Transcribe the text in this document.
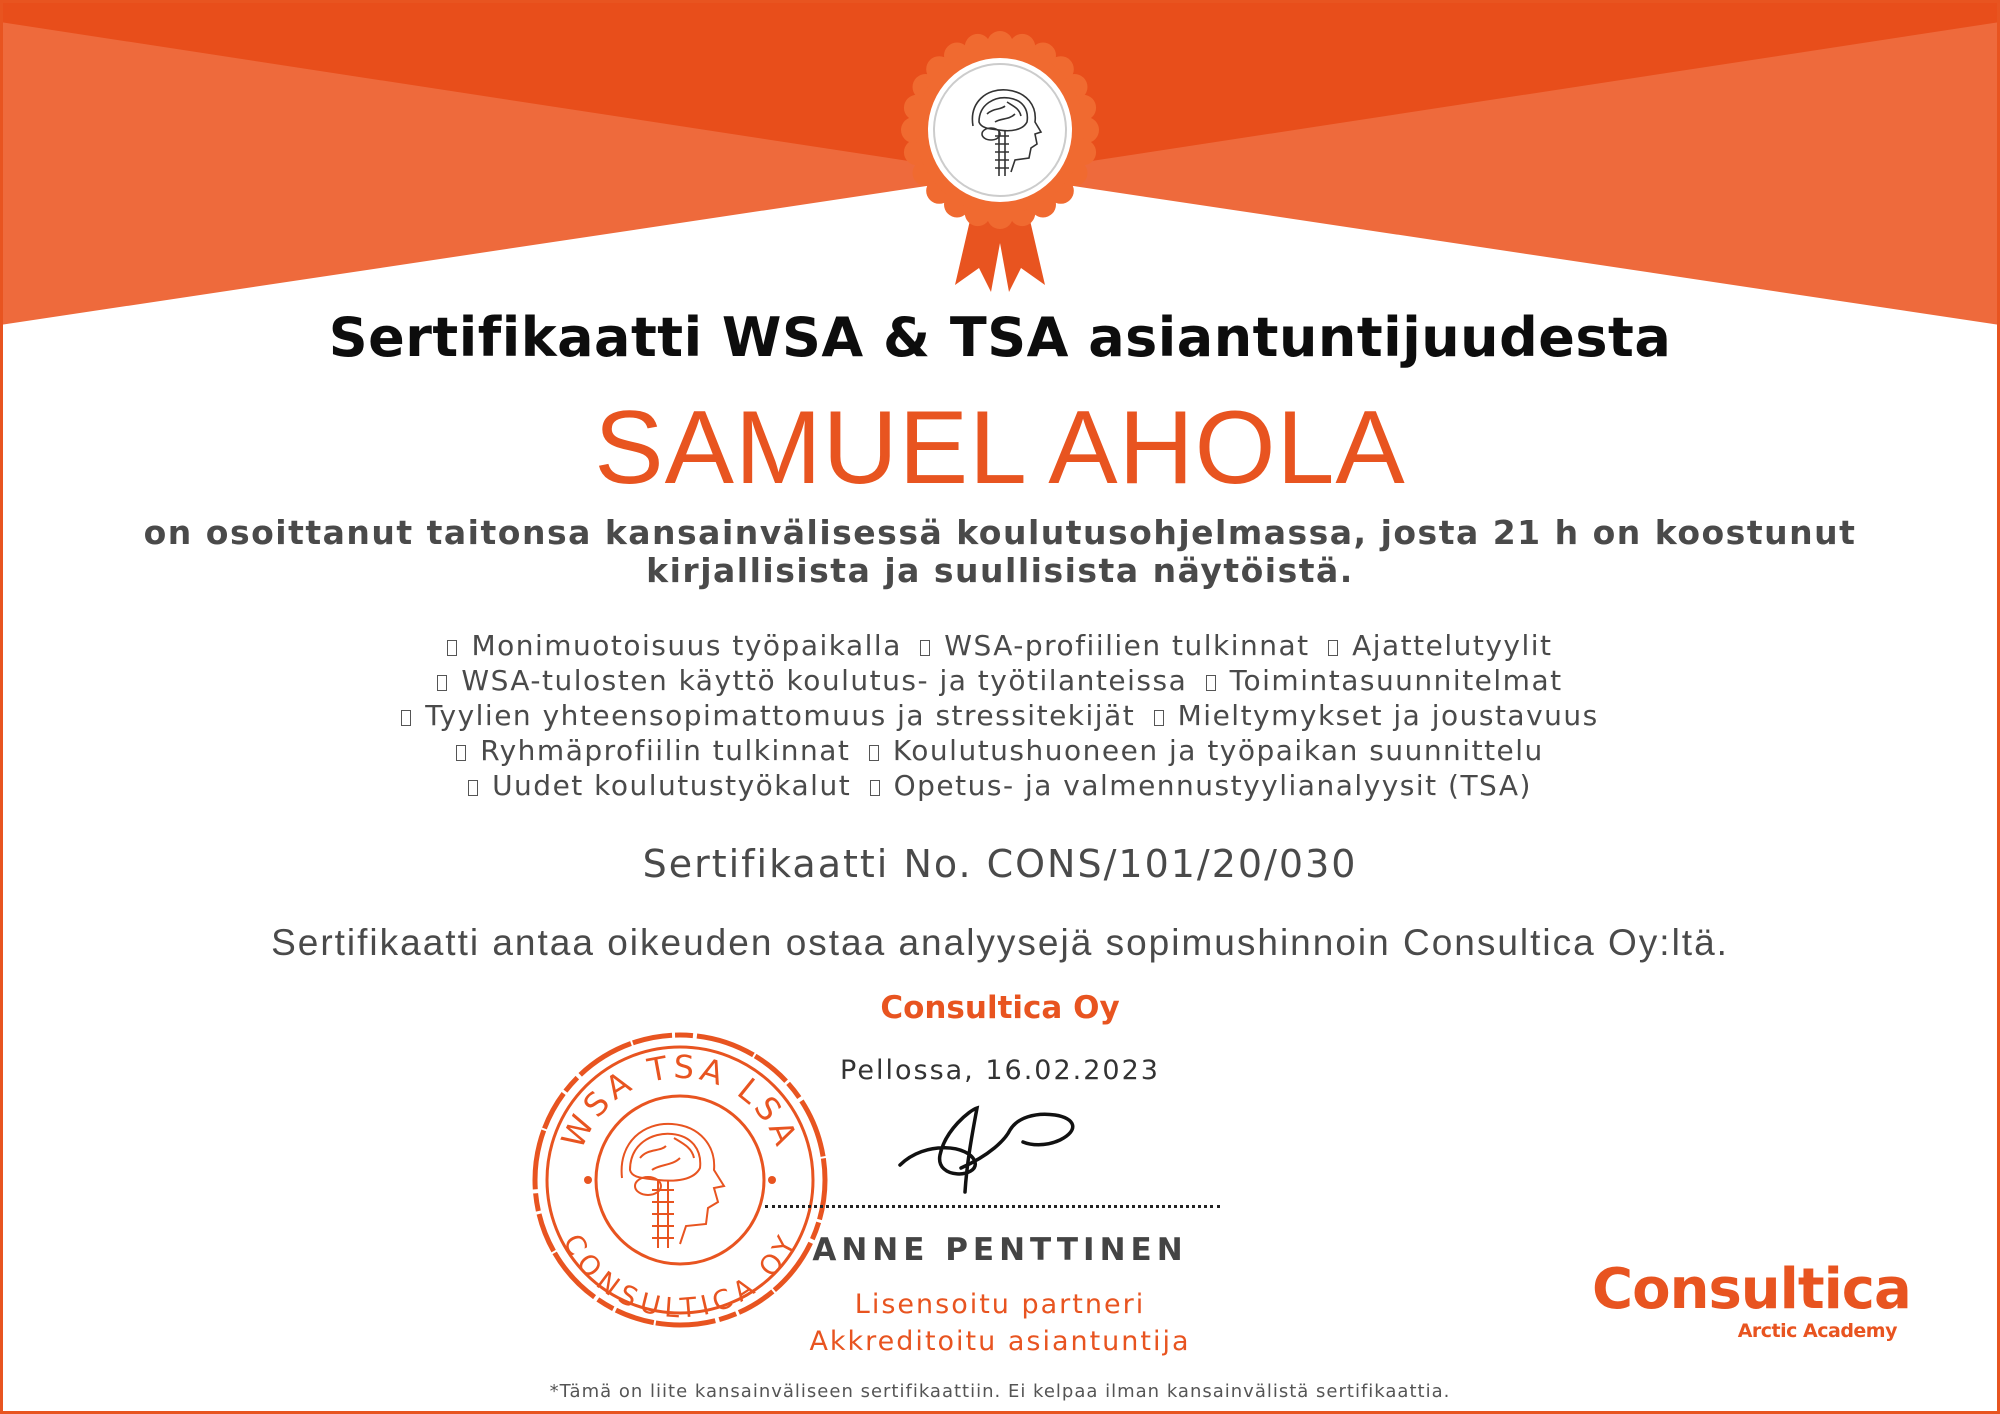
Sertifikaatti WSA & TSA asiantuntijuudesta
SAMUEL AHOLA

on osoittanut taitonsa kansainvälisessä koulutusohjelmassa, josta 21 h on koostunut kirjallisista ja suullisista näytöistä.

Monimuotoisuus työpaikalla WSA-profiilien tulkinnat Ajattelutyylit

WSA-tulosten käyttö koulutus- ja työtilanteissa Toimintasuunnitelmat

Tyylien yhteensopimattomuus ja stressitekijät Mieltymykset ja joustavuus

Ryhmäprofiilin tulkinnat Koulutushuoneen ja työpaikan suunnittelu

Uudet koulutustyökalut Opetus- ja valmennustyylianalyysit (TSA)

Sertifikaatti No. CONS/101/20/030
Sertifikaatti antaa oikeuden ostaa analyysejä sopimushinnoin Consultica Oy:ltä.
WSA TSA LSA
CONSULTICA OY
Consultica Oy
Pellossa, 16.02.2023
ANNE PENTTINEN
Lisensoitu partneri
Akkreditoitu asiantuntija
Consultica
Arctic Academy
*Tämä on liite kansainväliseen sertifikaattiin. Ei kelpaa ilman kansainvälistä sertifikaattia.
